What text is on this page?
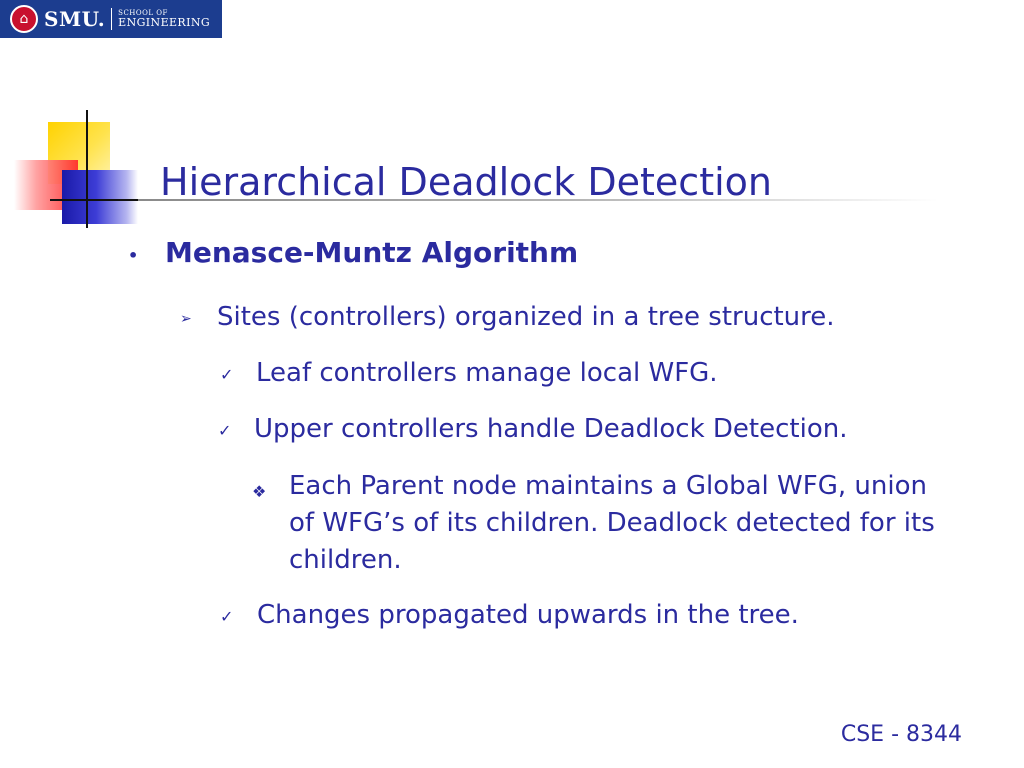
⌂ SMU. SCHOOL OF
ENGINEERING
Hierarchical Deadlock Detection
• Menasce-Muntz Algorithm
➢ Sites (controllers) organized in a tree structure.
✓ Leaf controllers manage local WFG.
✓ Upper controllers handle Deadlock Detection.
❖ Each Parent node maintains a Global WFG, union of WFG’s of its children. Deadlock detected for its children.
✓ Changes propagated upwards in the tree.
CSE - 8344
